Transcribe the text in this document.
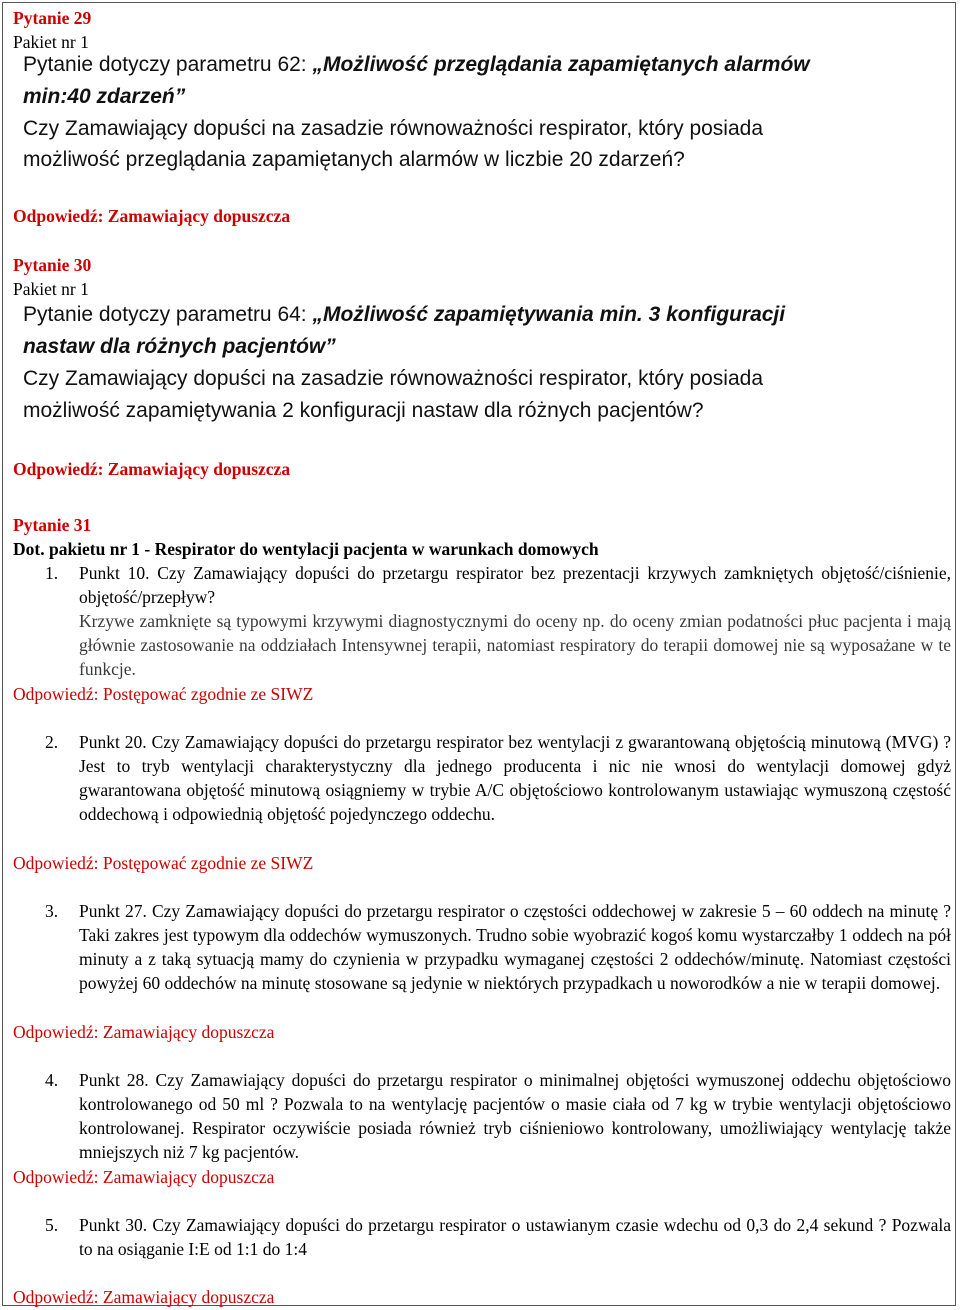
Pytanie 29
Pakiet nr 1
Pytanie dotyczy parametru 62: „Możliwość przeglądania zapamiętanych alarmów
min:40 zdarzeń”
Czy Zamawiający dopuści na zasadzie równoważności respirator, który posiada
możliwość przeglądania zapamiętanych alarmów w liczbie 20 zdarzeń?
Odpowiedź: Zamawiający dopuszcza
Pytanie 30
Pakiet nr 1
Pytanie dotyczy parametru 64: „Możliwość zapamiętywania min. 3 konfiguracji
nastaw dla różnych pacjentów”
Czy Zamawiający dopuści na zasadzie równoważności respirator, który posiada
możliwość zapamiętywania 2 konfiguracji nastaw dla różnych pacjentów?
Odpowiedź: Zamawiający dopuszcza
Pytanie 31
Dot. pakietu nr 1 - Respirator do wentylacji pacjenta w warunkach domowych
1. Punkt 10. Czy Zamawiający dopuści do przetargu respirator bez prezentacji krzywych zamkniętych objętość/ciśnienie, objętość/przepływ?
Krzywe zamknięte są typowymi krzywymi diagnostycznymi do oceny np. do oceny zmian podatności płuc pacjenta i mają głównie zastosowanie na oddziałach Intensywnej terapii, natomiast respiratory do terapii domowej nie są wyposażane w te funkcje.
Odpowiedź: Postępować zgodnie ze SIWZ
2. Punkt 20. Czy Zamawiający dopuści do przetargu respirator bez wentylacji z gwarantowaną objętością minutową (MVG) ? Jest to tryb wentylacji charakterystyczny dla jednego producenta i nic nie wnosi do wentylacji domowej gdyż gwarantowana objętość minutową osiągniemy w trybie A/C objętościowo kontrolowanym ustawiając wymuszoną częstość oddechową i odpowiednią objętość pojedynczego oddechu.
Odpowiedź: Postępować zgodnie ze SIWZ
3. Punkt 27. Czy Zamawiający dopuści do przetargu respirator o częstości oddechowej w zakresie 5 – 60 oddech na minutę ? Taki zakres jest typowym dla oddechów wymuszonych. Trudno sobie wyobrazić kogoś komu wystarczałby 1 oddech na pół minuty a z taką sytuacją mamy do czynienia w przypadku wymaganej częstości 2 oddechów/minutę. Natomiast częstości powyżej 60 oddechów na minutę stosowane są jedynie w niektórych przypadkach u noworodków a nie w terapii domowej.
Odpowiedź: Zamawiający dopuszcza
4. Punkt 28. Czy Zamawiający dopuści do przetargu respirator o minimalnej objętości wymuszonej oddechu objętościowo kontrolowanego od 50 ml ? Pozwala to na wentylację pacjentów o masie ciała od 7 kg w trybie wentylacji objętościowo kontrolowanej. Respirator oczywiście posiada również tryb ciśnieniowo kontrolowany, umożliwiający wentylację także mniejszych niż 7 kg pacjentów.
Odpowiedź: Zamawiający dopuszcza
5. Punkt 30. Czy Zamawiający dopuści do przetargu respirator o ustawianym czasie wdechu od 0,3 do 2,4 sekund ? Pozwala to na osiąganie I:E od 1:1 do 1:4
Odpowiedź: Zamawiający dopuszcza
